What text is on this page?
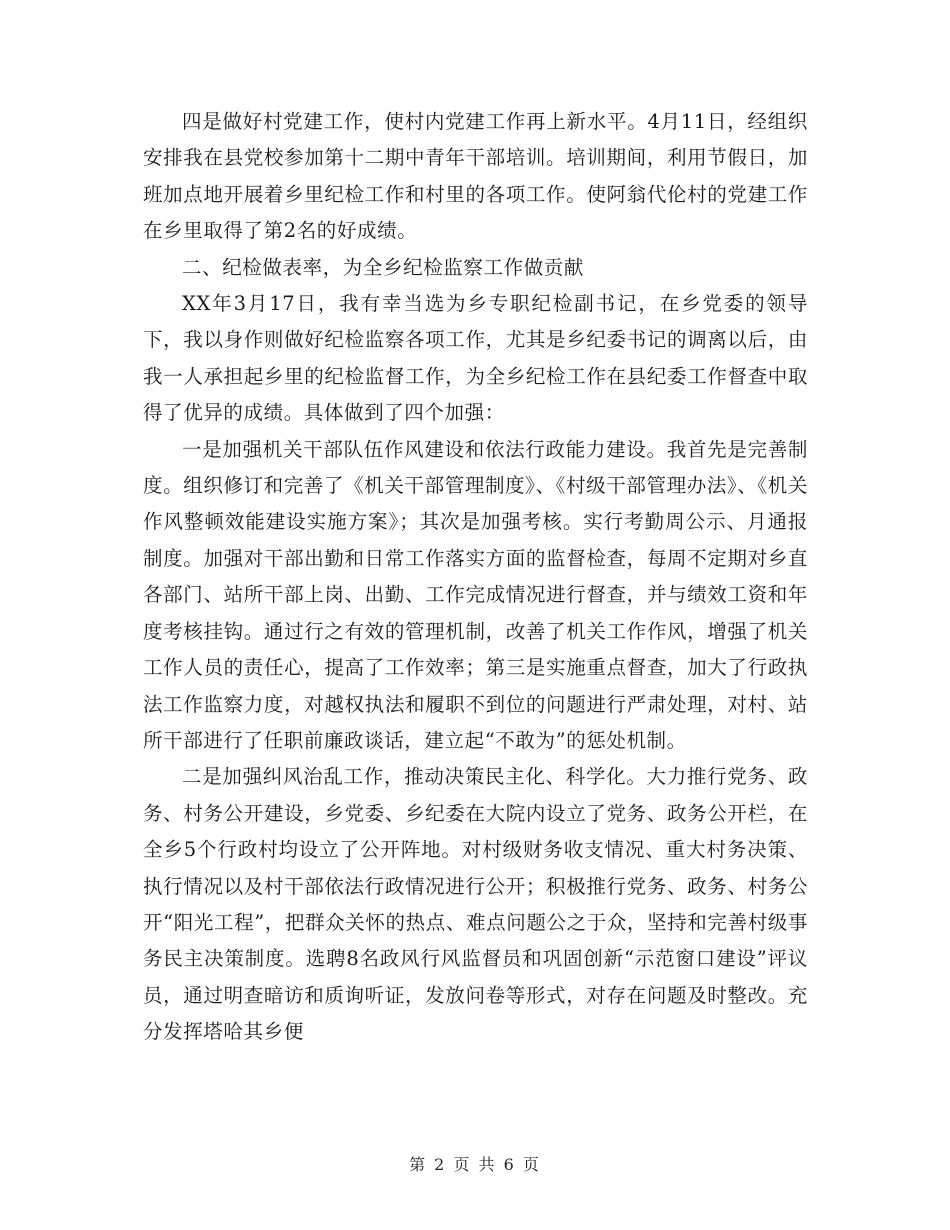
四是做好村党建工作，使村内党建工作再上新水平。4月11日，经组织安排我在县党校参加第十二期中青年干部培训。培训期间，利用节假日，加班加点地开展着乡里纪检工作和村里的各项工作。使阿翁代伦村的党建工作在乡里取得了第2名的好成绩。

二、纪检做表率，为全乡纪检监察工作做贡献

XX年3月17日，我有幸当选为乡专职纪检副书记，在乡党委的领导下，我以身作则做好纪检监察各项工作，尤其是乡纪委书记的调离以后，由我一人承担起乡里的纪检监督工作，为全乡纪检工作在县纪委工作督查中取得了优异的成绩。具体做到了四个加强：

一是加强机关干部队伍作风建设和依法行政能力建设。我首先是完善制度。组织修订和完善了《机关干部管理制度》、《村级干部管理办法》、《机关作风整顿效能建设实施方案》；其次是加强考核。实行考勤周公示、月通报制度。加强对干部出勤和日常工作落实方面的监督检查，每周不定期对乡直各部门、站所干部上岗、出勤、工作完成情况进行督查，并与绩效工资和年度考核挂钩。通过行之有效的管理机制，改善了机关工作作风，增强了机关工作人员的责任心，提高了工作效率；第三是实施重点督查，加大了行政执法工作监察力度，对越权执法和履职不到位的问题进行严肃处理，对村、站所干部进行了任职前廉政谈话，建立起“不敢为”的惩处机制。

二是加强纠风治乱工作，推动决策民主化、科学化。大力推行党务、政务、村务公开建设，乡党委、乡纪委在大院内设立了党务、政务公开栏，在全乡5个行政村均设立了公开阵地。对村级财务收支情况、重大村务决策、执行情况以及村干部依法行政情况进行公开；积极推行党务、政务、村务公开“阳光工程”，把群众关怀的热点、难点问题公之于众，坚持和完善村级事务民主决策制度。选聘8名政风行风监督员和巩固创新“示范窗口建设”评议员，通过明查暗访和质询听证，发放问卷等形式，对存在问题及时整改。充分发挥塔哈其乡便

第 2 页 共 6 页
